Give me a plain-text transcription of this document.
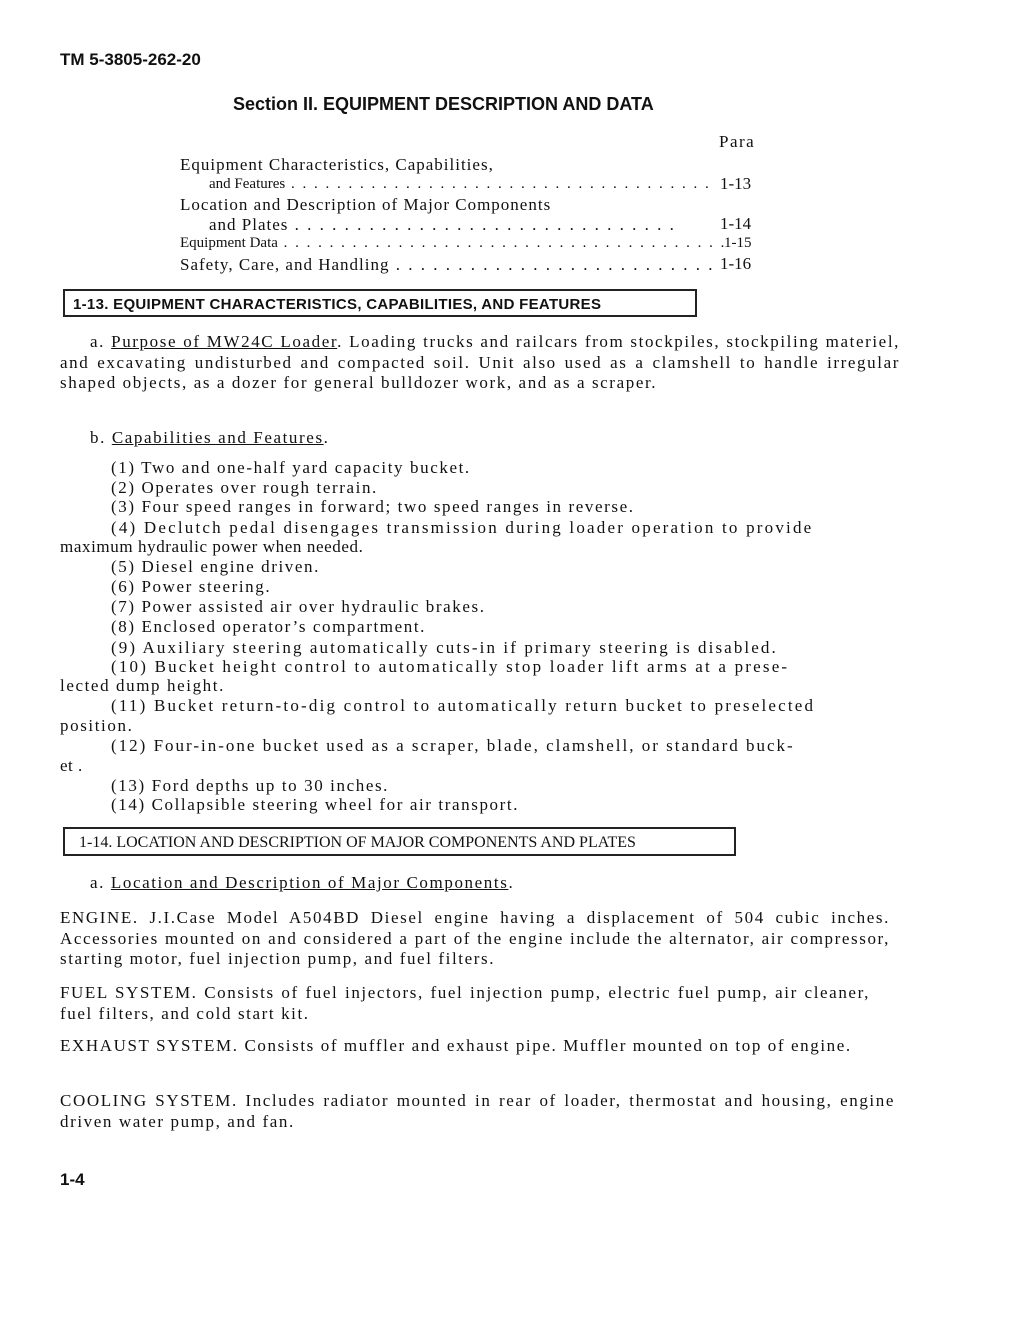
TM 5-3805-262-20
Section II. EQUIPMENT DESCRIPTION AND DATA
Para
Equipment Characteristics, Capabilities,
and Features . . . . . . . . . . . . . . . . . . . . . . . . . . . . . . . . . . . . . 1-13
Location and Description of Major Components
and Plates . . . . . . . . . . . . . . . . . . . . . . . . . . . . . . .	1-14
Equipment Data . . . . . . . . . . . . . . . . . . . . . . . . . . . . . . . . . . . . . . .
1-15
Safety, Care, and Handling . . . . . . . . . . . . . . . . . . . . . . . . . . 1-16
1-13. EQUIPMENT CHARACTERISTICS, CAPABILITIES, AND FEATURES
a. Purpose of MW24C Loader. Loading trucks and railcars from stockpiles, stockpiling materiel, and excavating undisturbed and compacted soil. Unit also used as a clamshell to handle irregular shaped objects, as a dozer for general bulldozer work, and as a scraper.
b. Capabilities and Features.
(1) Two and one-half yard capacity bucket.
(2) Operates over rough terrain.
(3) Four speed ranges in forward; two speed ranges in reverse.
(4) Declutch pedal disengages transmission during loader operation to provide
maximum hydraulic power when needed.
(5) Diesel engine driven.
(6) Power steering.
(7) Power assisted air over hydraulic brakes.
(8) Enclosed operator’s compartment.
(9) Auxiliary steering automatically cuts-in if primary steering is disabled.
(10) Bucket height control to automatically stop loader lift arms at a prese-
lected dump height.
(11) Bucket return-to-dig control to automatically return bucket to preselected
position.
(12) Four-in-one bucket used as a scraper, blade, clamshell, or standard buck-
et .
(13) Ford depths up to 30 inches.
(14) Collapsible steering wheel for air transport.
1-14. LOCATION AND DESCRIPTION OF MAJOR COMPONENTS AND PLATES
a. Location and Description of Major Components.
ENGINE. J.I.Case Model A504BD Diesel engine having a displacement of 504 cubic inches. Accessories mounted on and considered a part of the engine include the alternator, air compressor, starting motor, fuel injection pump, and fuel filters.
FUEL SYSTEM. Consists of fuel injectors, fuel injection pump, electric fuel pump, air cleaner, fuel filters, and cold start kit.
EXHAUST SYSTEM. Consists of muffler and exhaust pipe. Muffler mounted on top of engine.
COOLING SYSTEM. Includes radiator mounted in rear of loader, thermostat and housing, engine driven water pump, and fan.
1-4
